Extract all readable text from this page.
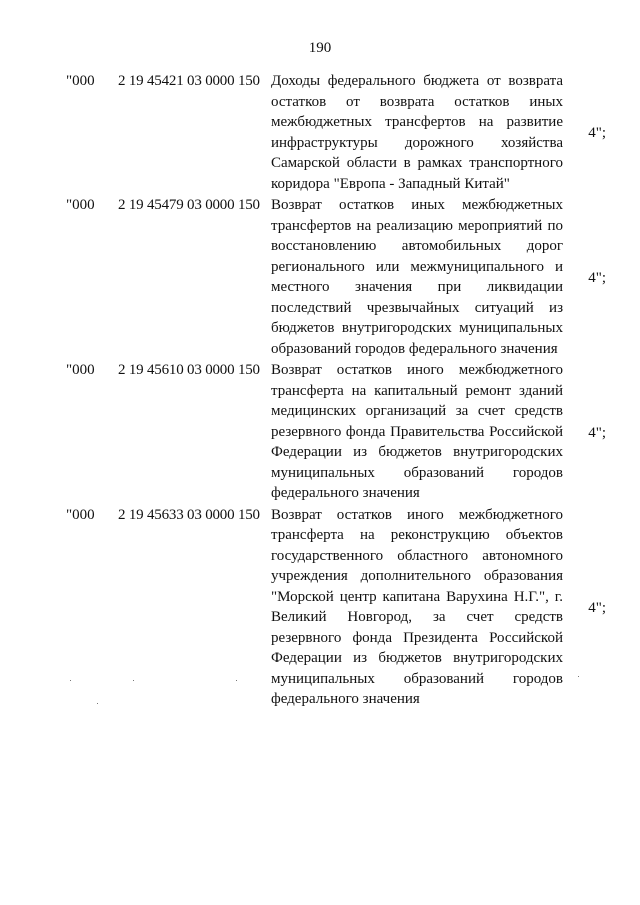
190
"000	2 19 45421 03 0000 150 Доходы федерального бюджета от возврата остатков от возврата остатков иных межбюджетных трансфертов на развитие инфраструктуры дорожного хозяйства Самарской области в рамках транспортного коридора "Европа - Западный Китай"
4";
"000	2 19 45479 03 0000 150 Возврат остатков иных межбюджетных трансфертов на реализацию мероприятий по восстановлению автомобильных дорог регионального или межмуниципального и местного значения при ликвидации последствий чрезвычайных ситуаций из бюджетов внутригородских муниципальных образований городов федерального значения
4";
"000	2 19 45610 03 0000 150 Возврат остатков иного межбюджетного трансферта на капитальный ремонт зданий медицинских организаций за счет средств резервного фонда Правительства Российской Федерации из бюджетов внутригородских муниципальных образований городов федерального значения
4";
"000	2 19 45633 03 0000 150 Возврат остатков иного межбюджетного трансферта на реконструкцию объектов государственного областного автономного учреждения дополнительного образования "Морской центр капитана Варухина Н.Г.", г. Великий Новгород, за счет средств резервного фонда Президента Российской Федерации из бюджетов внутригородских муниципальных образований городов федерального значения
4";
